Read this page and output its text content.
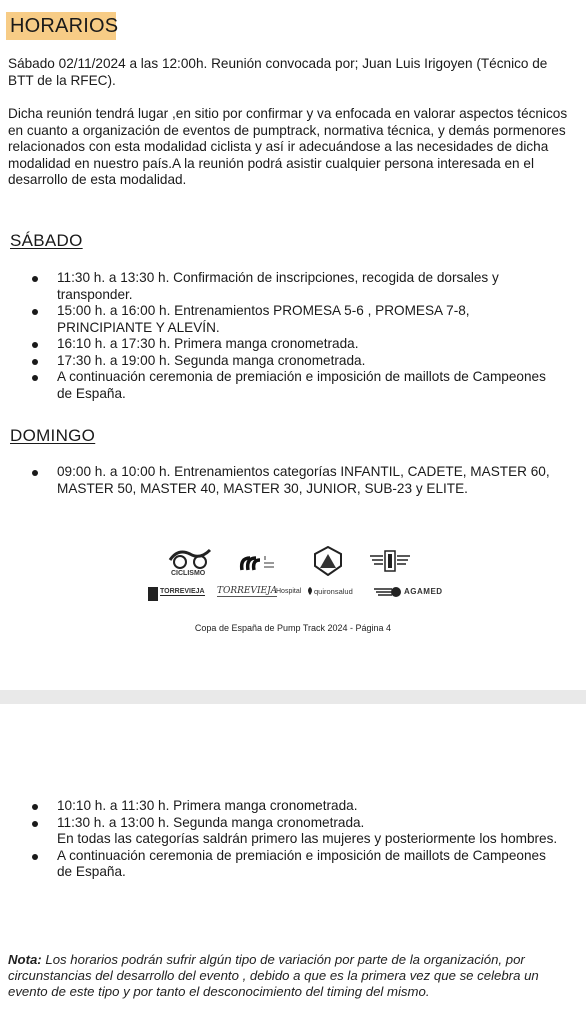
HORARIOS
Sábado 02/11/2024 a las 12:00h. Reunión convocada por; Juan Luis Irigoyen (Técnico de BTT de la RFEC).
Dicha reunión tendrá lugar ,en sitio por confirmar y va enfocada en valorar aspectos técnicos en cuanto a organización de eventos de pumptrack, normativa técnica, y demás pormenores relacionados con esta modalidad ciclista y así ir adecuándose a las necesidades de dicha modalidad en nuestro país.A la reunión podrá asistir cualquier persona interesada en el desarrollo de esta modalidad.
SÁBADO
11:30 h. a 13:30 h. Confirmación de inscripciones, recogida de dorsales y transponder.
15:00 h. a 16:00 h. Entrenamientos PROMESA 5-6 , PROMESA 7-8, PRINCIPIANTE Y ALEVÍN.
16:10 h. a 17:30 h. Primera manga cronometrada.
17:30 h. a 19:00 h. Segunda manga cronometrada.
A continuación ceremonia de premiación e imposición de maillots de Campeones de España.
DOMINGO
09:00 h. a 10:00 h. Entrenamientos categorías INFANTIL, CADETE, MASTER 60, MASTER 50, MASTER 40, MASTER 30, JUNIOR, SUB-23 y ELITE.
CICLISMO
TORREVIEJA TORREVIEJA
Hospital quironsalud	AGAMED
Copa de España de Pump Track 2024 - Página 4
10:10 h. a 11:30 h. Primera manga cronometrada.
11:30 h. a 13:00 h. Segunda manga cronometrada.
En todas las categorías saldrán primero las mujeres y posteriormente los hombres.
A continuación ceremonia de premiación e imposición de maillots de Campeones de España.
Nota: Los horarios podrán sufrir algún tipo de variación por parte de la organización, por circunstancias del desarrollo del evento , debido a que es la primera vez que se celebra un evento de este tipo y por tanto el desconocimiento del timing del mismo.
